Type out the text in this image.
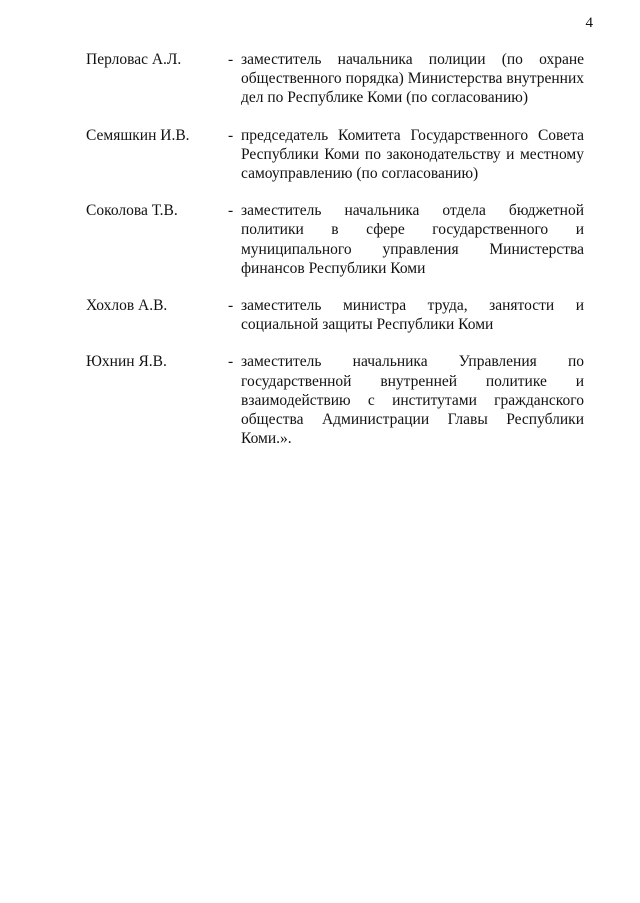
4
Перловас А.Л.	- заместитель начальника полиции (по охране общественного порядка) Министерства внутренних дел по Республике Коми (по согласованию)
Семяшкин И.В.	- председатель Комитета Государственного Совета Республики Коми по законодательству и местному самоуправлению (по согласованию)
Соколова Т.В.	- заместитель начальника отдела бюджетной политики в сфере государственного и муниципального управления Министерства финансов Республики Коми
Хохлов А.В.	- заместитель министра труда, занятости и социальной защиты Республики Коми
Юхнин Я.В.	- заместитель начальника Управления по государственной внутренней политике и взаимодействию с институтами гражданского общества Администрации Главы Республики Коми.».
